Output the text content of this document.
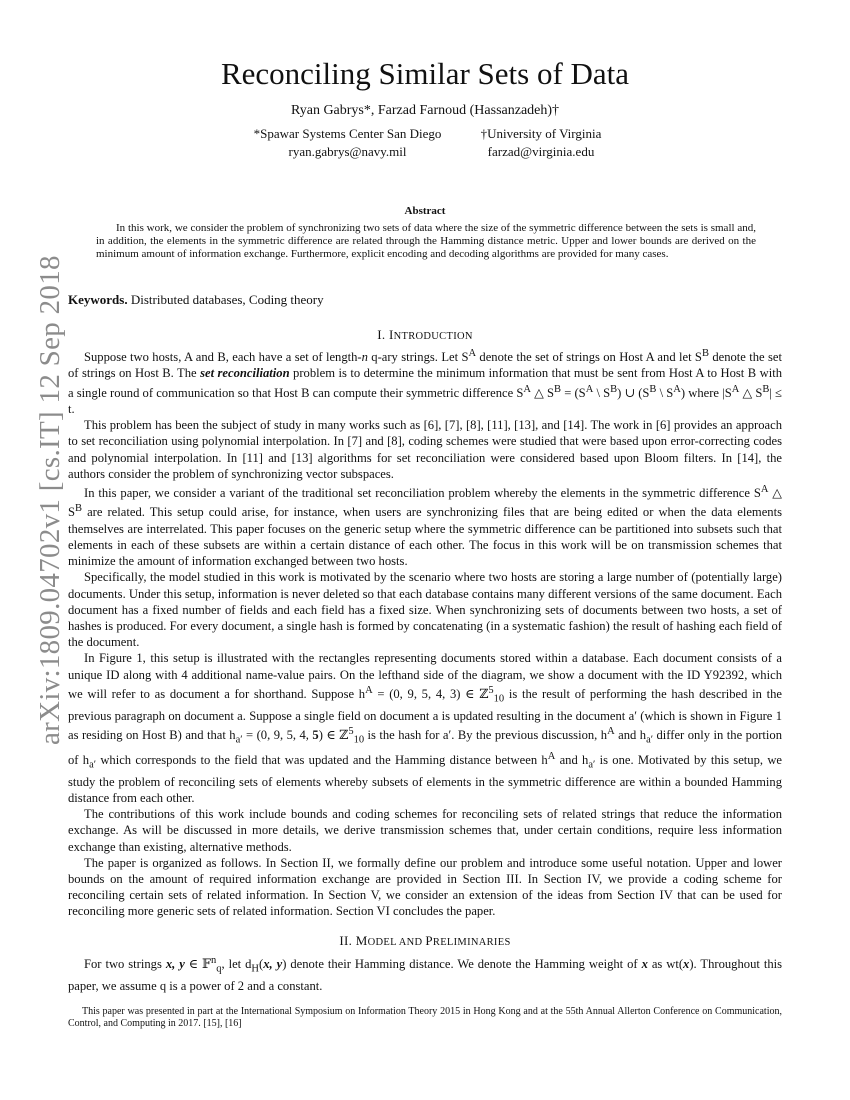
arXiv:1809.04702v1 [cs.IT] 12 Sep 2018
Reconciling Similar Sets of Data
Ryan Gabrys*, Farzad Farnoud (Hassanzadeh)†
*Spawar Systems Center San Diego
ryan.gabrys@navy.mil
†University of Virginia
farzad@virginia.edu
Abstract
In this work, we consider the problem of synchronizing two sets of data where the size of the symmetric difference between the sets is small and, in addition, the elements in the symmetric difference are related through the Hamming distance metric. Upper and lower bounds are derived on the minimum amount of information exchange. Furthermore, explicit encoding and decoding algorithms are provided for many cases.
Keywords. Distributed databases, Coding theory
I. INTRODUCTION

Suppose two hosts, A and B, each have a set of length-n q-ary strings. Let $S^A$ denote the set of strings on Host A and let $S^B$ denote the set of strings on Host B. The set reconciliation problem is to determine the minimum information that must be sent from Host A to Host B with a single round of communication so that Host B can compute their symmetric difference $S^A$ △ $S^B = (S^A$ \ $S^B$) ∪ ($S^B$ \ $S^A$) where $|S^A$ △ $S^B| \le t$.

This problem has been the subject of study in many works such as [6], [7], [8], [11], [13], and [14]. The work in [6] provides an approach to set reconciliation using polynomial interpolation. In [7] and [8], coding schemes were studied that were based upon error-correcting codes and polynomial interpolation. In [11] and [13] algorithms for set reconciliation were considered based upon Bloom filters. In [14], the authors consider the problem of synchronizing vector subspaces.

In this paper, we consider a variant of the traditional set reconciliation problem whereby the elements in the symmetric difference $S^A$ △ $S^B$ are related. This setup could arise, for instance, when users are synchronizing files that are being edited or when the data elements themselves are interrelated. This paper focuses on the generic setup where the symmetric difference can be partitioned into subsets such that elements in each of these subsets are within a certain distance of each other. The focus in this work will be on transmission schemes that minimize the amount of information exchanged between two hosts.

Specifically, the model studied in this work is motivated by the scenario where two hosts are storing a large number of (potentially large) documents. Under this setup, information is never deleted so that each database contains many different versions of the same document. Each document has a fixed number of fields and each field has a fixed size. When synchronizing sets of documents between two hosts, a set of hashes is produced. For every document, a single hash is formed by concatenating (in a systematic fashion) the result of hashing each field of the document.

In Figure 1, this setup is illustrated with the rectangles representing documents stored within a database. Each document consists of a unique ID along with 4 additional name-value pairs. On the lefthand side of the diagram, we show a document with the ID Y92392, which we will refer to as document a for shorthand. Suppose $h^A = (0$, 9, 5, 4, 3) ∈ ℤ$^5_{10}$ is the result of performing the hash described in the previous paragraph on document a. Suppose a single field on document a is updated resulting in the document a′ (which is shown in Figure 1 as residing on Host B) and that $h_{a'} = (0$, 9, 5, 4, 5) ∈ ℤ$^5_{10}$ is the hash for a′. By the previous discussion, $h^A$ and $h_{a'}$ differ only in the portion of $h_{a'}$ which corresponds to the field that was updated and the Hamming distance between $h^A$ and $h_{a'}$ is one. Motivated by this setup, we study the problem of reconciling sets of elements whereby subsets of elements in the symmetric difference are within a bounded Hamming distance from each other.

The contributions of this work include bounds and coding schemes for reconciling sets of related strings that reduce the information exchange. As will be discussed in more details, we derive transmission schemes that, under certain conditions, require less information exchange than existing, alternative methods.

The paper is organized as follows. In Section II, we formally define our problem and introduce some useful notation. Upper and lower bounds on the amount of required information exchange are provided in Section III. In Section IV, we provide a coding scheme for reconciling certain sets of related information. In Section V, we consider an extension of the ideas from Section IV that can be used for reconciling more generic sets of related information. Section VI concludes the paper.

II. MODEL AND PRELIMINARIES

For two strings x, y ∈ 𝔽$^n_q$, let $d_H(x$, y) denote their Hamming distance. We denote the Hamming weight of x as wt(x). Throughout this paper, we assume q is a power of 2 and a constant.

This paper was presented in part at the International Symposium on Information Theory 2015 in Hong Kong and at the 55th Annual Allerton Conference on Communication, Control, and Computing in 2017. [15], [16]
